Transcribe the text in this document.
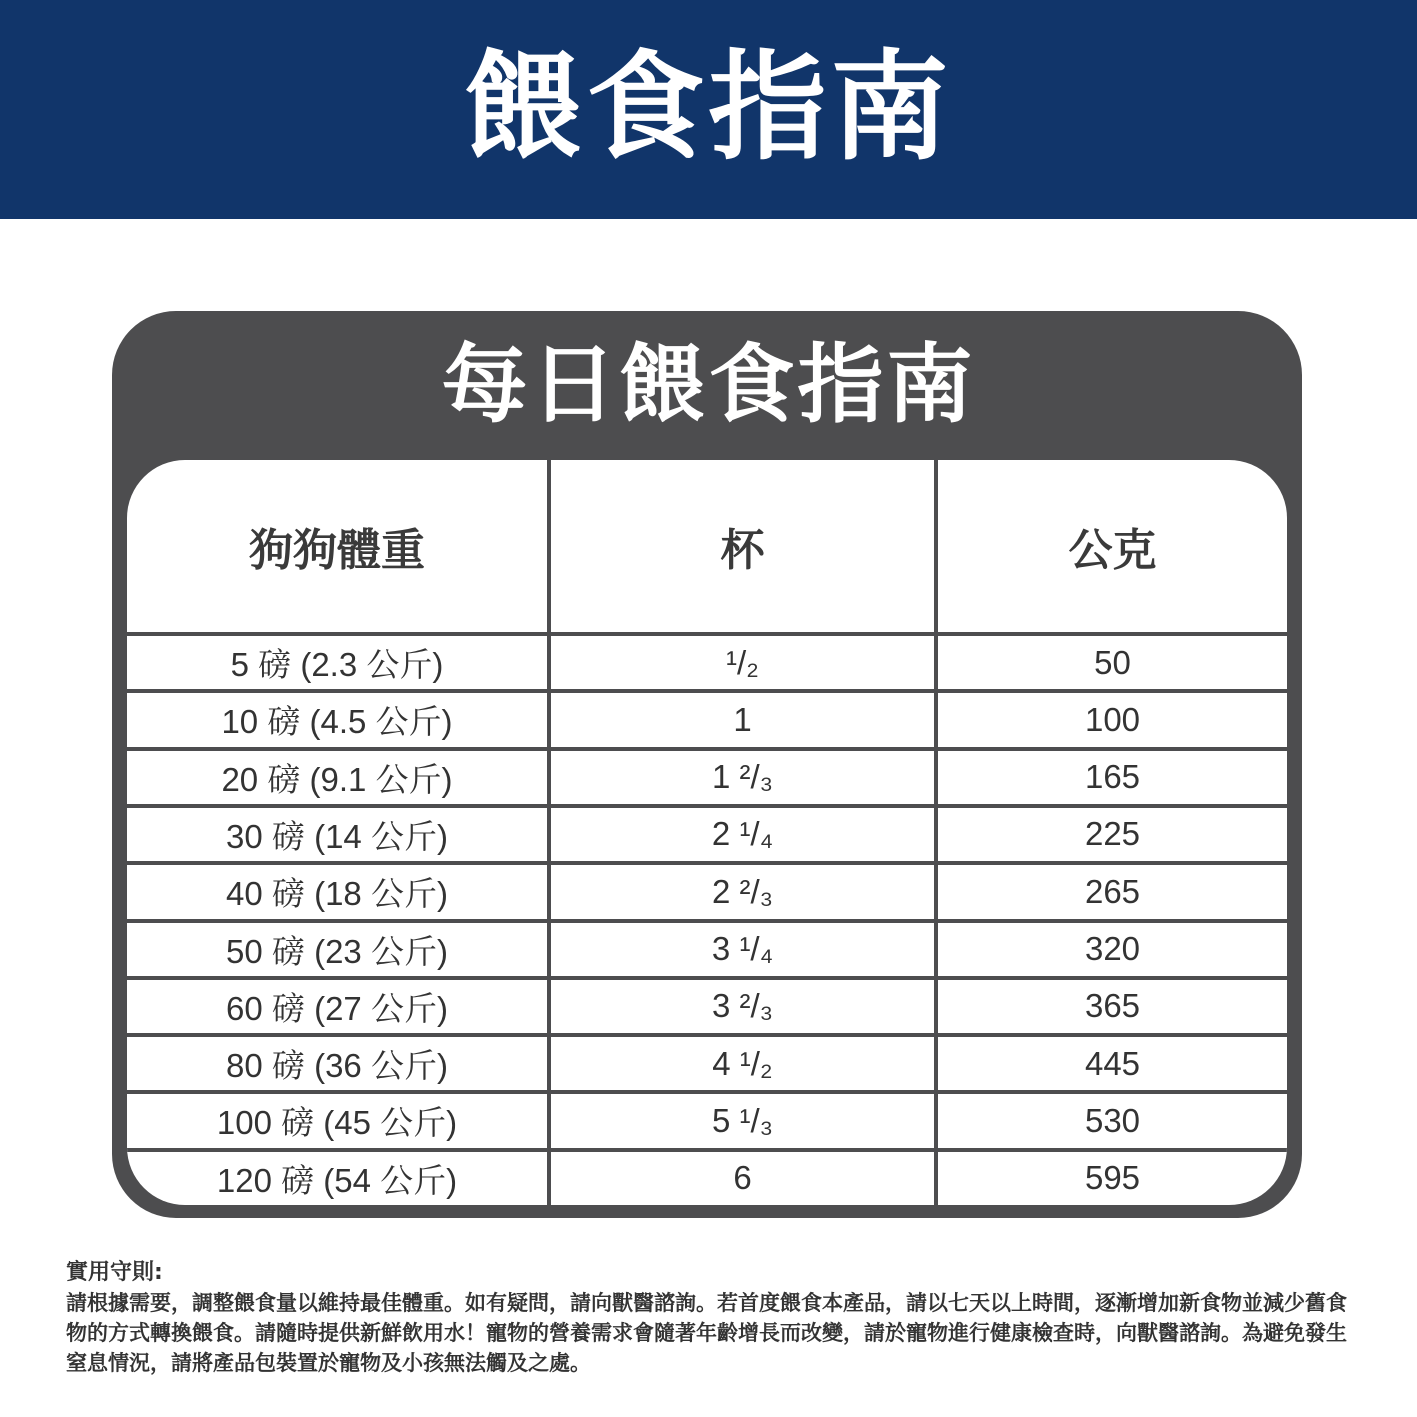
餵食指南
每日餵食指南
狗狗體重	杯	公克
5 磅 (2.3 公斤)	¹/₂	50
10 磅 (4.5 公斤)	1	100
20 磅 (9.1 公斤)	1 ²/₃	165
30 磅 (14 公斤)	2 ¹/₄	225
40 磅 (18 公斤)	2 ²/₃	265
50 磅 (23 公斤)	3 ¹/₄	320
60 磅 (27 公斤)	3 ²/₃	365
80 磅 (36 公斤)	4 ¹/₂	445
100 磅 (45 公斤)	5 ¹/₃	530
120 磅 (54 公斤)	6	595
實用守則:
請根據需要，調整餵食量以維持最佳體重。如有疑問，請向獸醫諮詢。若首度餵食本產品，請以七天以上時間，逐漸增加新食物並減少舊食物的方式轉換餵食。請隨時提供新鮮飲用水！寵物的營養需求會隨著年齡增長而改變，請於寵物進行健康檢查時，向獸醫諮詢。為避免發生窒息情況，請將產品包裝置於寵物及小孩無法觸及之處。
